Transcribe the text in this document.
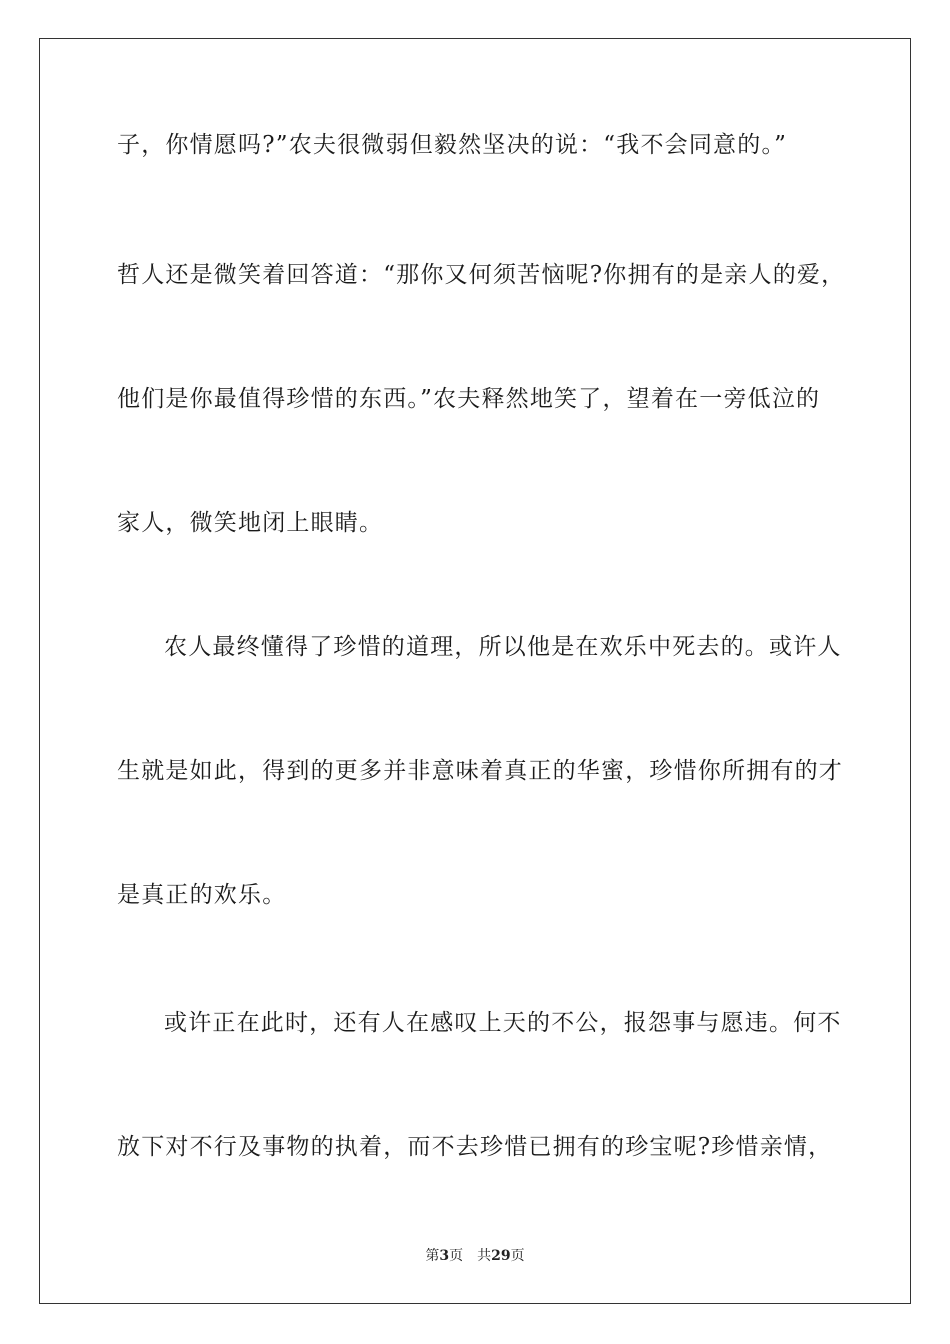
子，你情愿吗?”农夫很微弱但毅然坚决的说：“我不会同意的。”
哲人还是微笑着回答道：“那你又何须苦恼呢?你拥有的是亲人的爱，
他们是你最值得珍惜的东西。”农夫释然地笑了，望着在一旁低泣的
家人，微笑地闭上眼睛。
农人最终懂得了珍惜的道理，所以他是在欢乐中死去的。或许人
生就是如此，得到的更多并非意味着真正的华蜜，珍惜你所拥有的才
是真正的欢乐。
或许正在此时，还有人在感叹上天的不公，报怨事与愿违。何不
放下对不行及事物的执着，而不去珍惜已拥有的珍宝呢?珍惜亲情，
第3页 共29页
